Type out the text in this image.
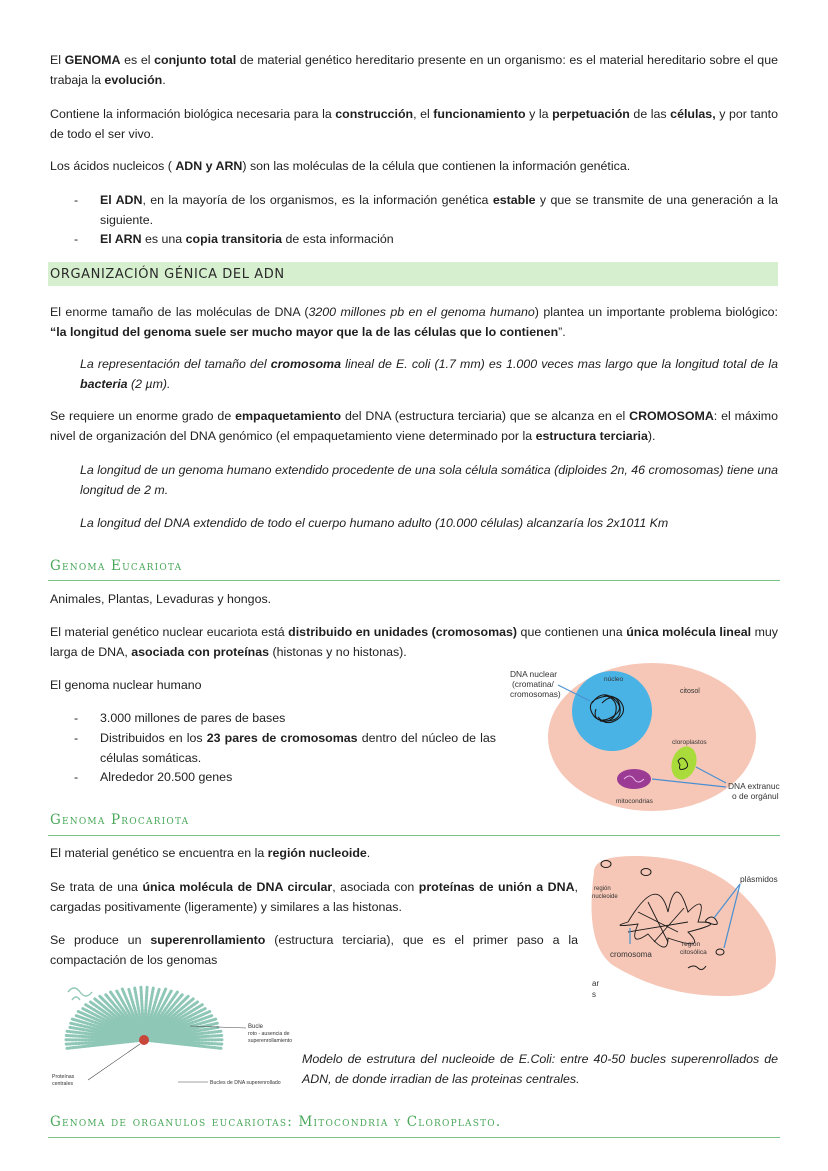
El GENOMA es el conjunto total de material genético hereditario presente en un organismo: es el material hereditario sobre el que trabaja la evolución.

Contiene la información biológica necesaria para la construcción, el funcionamiento y la perpetuación de las células, y por tanto de todo el ser vivo.

Los ácidos nucleicos ( ADN y ARN) son las moléculas de la célula que contienen la información genética.

- El ADN, en la mayoría de los organismos, es la información genética estable y que se transmite de una generación a la siguiente.
- El ARN es una copia transitoria de esta información
ORGANIZACIÓN GÉNICA DEL ADN

El enorme tamaño de las moléculas de DNA (3200 millones pb en el genoma humano) plantea un importante problema biológico: “la longitud del genoma suele ser mucho mayor que la de las células que lo contienen”.

La representación del tamaño del cromosoma lineal de E. coli (1.7 mm) es 1.000 veces mas largo que la longitud total de la bacteria (2 µm).

Se requiere un enorme grado de empaquetamiento del DNA (estructura terciaria) que se alcanza en el CROMOSOMA: el máximo nivel de organización del DNA genómico (el empaquetamiento viene determinado por la estructura terciaria).

La longitud de un genoma humano extendido procedente de una sola célula somática (diploides 2n, 46 cromosomas) tiene una longitud de 2 m.

La longitud del DNA extendido de todo el cuerpo humano adulto (10.000 células) alcanzaría los 2x1011 Km

Genoma Eucariota

Animales, Plantas, Levaduras y hongos.

El material genético nuclear eucariota está distribuido en unidades (cromosomas) que contienen una única molécula lineal muy larga de DNA, asociada con proteínas (histonas y no histonas).

El genoma nuclear humano

- 3.000 millones de pares de bases
- Distribuidos en los 23 pares de cromosomas dentro del núcleo de las células somáticas.
- Alrededor 20.500 genes
DNA nuclear
(cromatina/
cromosomas)
núcleo
citosol
cloroplastos
mitocondrias
DNA extranuc
o de orgánul
Genoma Procariota

El material genético se encuentra en la región nucleoide.

Se trata de una única molécula de DNA circular, asociada con proteínas de unión a DNA, cargadas positivamente (ligeramente) y similares a las histonas.

Se produce un superenrollamiento (estructura terciaria), que es el primer paso a la compactación de los genomas

plásmidos
región
nucleoide
región
citosólica
cromosoma
ar
s
Bucle
roto - ausencia de
superenrollamiento
Proteínas
centrales	Bucles de DNA superenrollado

Modelo de estrutura del nucleoide de E.Coli: entre 40-50 bucles superenrollados de ADN, de donde irradian de las proteinas centrales.

Genoma de organulos eucariotas: Mitocondria y Cloroplasto.
